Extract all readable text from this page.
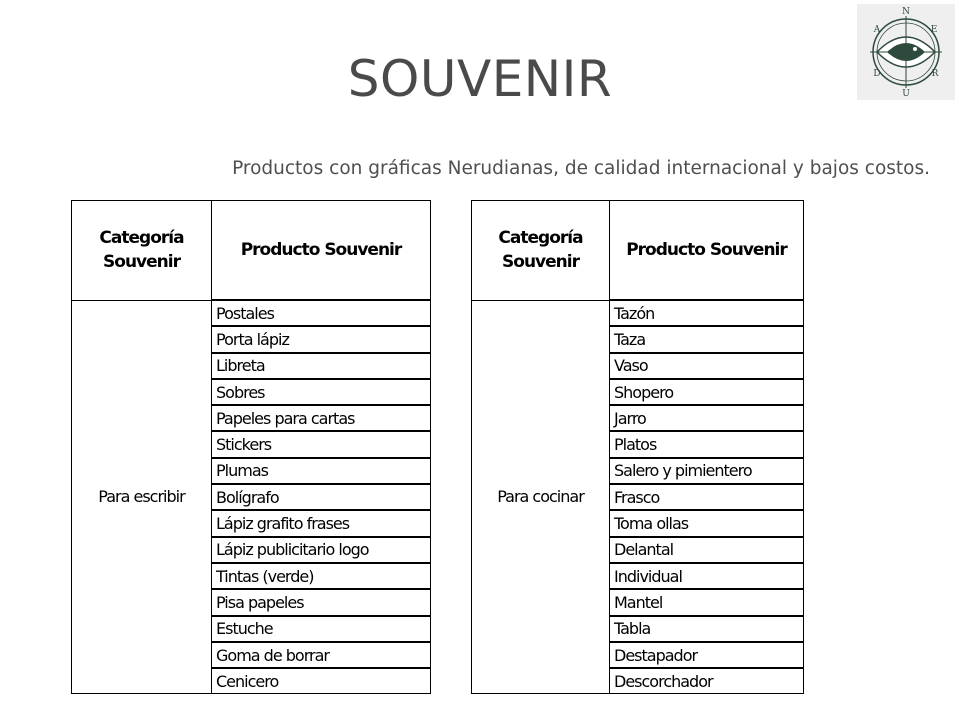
SOUVENIR
Productos con gráficas Nerudianas, de calidad internacional y bajos costos.
N
E
R
U
D
A
Categoría Souvenir	Producto Souvenir
Para escribir	Postales
	Porta lápiz
	Libreta
	Sobres
	Papeles para cartas
	Stickers
	Plumas
	Bolígrafo
	Lápiz grafito frases
	Lápiz publicitario logo
	Tintas (verde)
	Pisa papeles
	Estuche
	Goma de borrar
	Cenicero
Categoría Souvenir	Producto Souvenir
Para cocinar	Tazón
	Taza
	Vaso
	Shopero
	Jarro
	Platos
	Salero y pimientero
	Frasco
	Toma ollas
	Delantal
	Individual
	Mantel
	Tabla
	Destapador
	Descorchador
